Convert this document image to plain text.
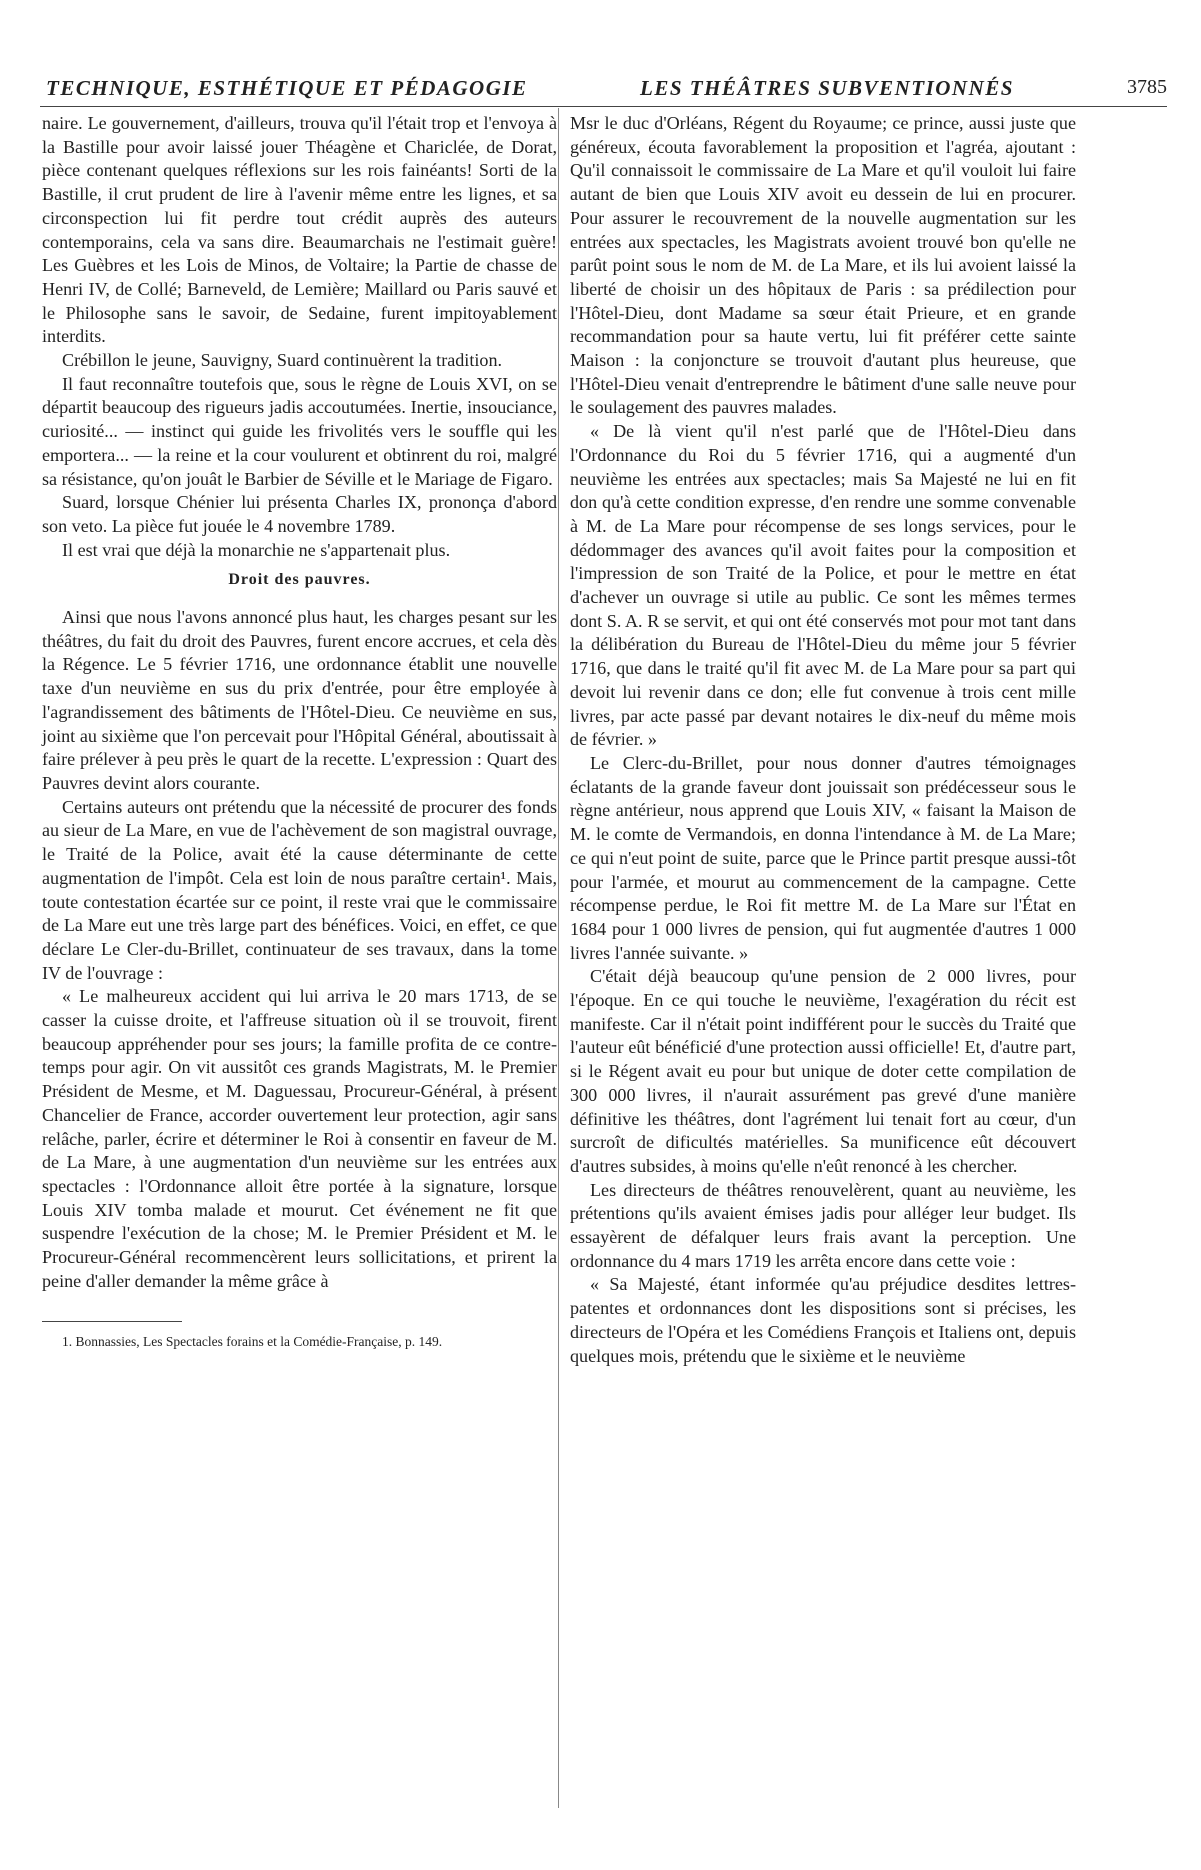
TECHNIQUE, ESTHÉTIQUE ET PÉDAGOGIE	LES THÉÂTRES SUBVENTIONNÉS	3785

naire. Le gouvernement, d'ailleurs, trouva qu'il l'était trop et l'envoya à la Bastille pour avoir laissé jouer Théagène et Chariclée, de Dorat, pièce contenant quelques réflexions sur les rois fainéants! Sorti de la Bastille, il crut prudent de lire à l'avenir même entre les lignes, et sa circonspection lui fit perdre tout crédit auprès des auteurs contemporains, cela va sans dire. Beaumarchais ne l'estimait guère! Les Guèbres et les Lois de Minos, de Voltaire; la Partie de chasse de Henri IV, de Collé; Barneveld, de Lemière; Maillard ou Paris sauvé et le Philosophe sans le savoir, de Sedaine, furent impitoyablement interdits.

Crébillon le jeune, Sauvigny, Suard continuèrent la tradition.

Il faut reconnaître toutefois que, sous le règne de Louis XVI, on se départit beaucoup des rigueurs jadis accoutumées. Inertie, insouciance, curiosité... — instinct qui guide les frivolités vers le souffle qui les emportera... — la reine et la cour voulurent et obtinrent du roi, malgré sa résistance, qu'on jouât le Barbier de Séville et le Mariage de Figaro.

Suard, lorsque Chénier lui présenta Charles IX, prononça d'abord son veto. La pièce fut jouée le 4 novembre 1789.

Il est vrai que déjà la monarchie ne s'appartenait plus.

Droit des pauvres.

Ainsi que nous l'avons annoncé plus haut, les charges pesant sur les théâtres, du fait du droit des Pauvres, furent encore accrues, et cela dès la Régence. Le 5 février 1716, une ordonnance établit une nouvelle taxe d'un neuvième en sus du prix d'entrée, pour être employée à l'agrandissement des bâtiments de l'Hôtel-Dieu. Ce neuvième en sus, joint au sixième que l'on percevait pour l'Hôpital Général, aboutissait à faire prélever à peu près le quart de la recette. L'expression : Quart des Pauvres devint alors courante.

Certains auteurs ont prétendu que la nécessité de procurer des fonds au sieur de La Mare, en vue de l'achèvement de son magistral ouvrage, le Traité de la Police, avait été la cause déterminante de cette augmentation de l'impôt. Cela est loin de nous paraître certain¹. Mais, toute contestation écartée sur ce point, il reste vrai que le commissaire de La Mare eut une très large part des bénéfices. Voici, en effet, ce que déclare Le Cler-du-Brillet, continuateur de ses travaux, dans la tome IV de l'ouvrage :

« Le malheureux accident qui lui arriva le 20 mars 1713, de se casser la cuisse droite, et l'affreuse situation où il se trouvoit, firent beaucoup appréhender pour ses jours; la famille profita de ce contre-temps pour agir. On vit aussitôt ces grands Magistrats, M. le Premier Président de Mesme, et M. Daguessau, Procureur-Général, à présent Chancelier de France, accorder ouvertement leur protection, agir sans relâche, parler, écrire et déterminer le Roi à consentir en faveur de M. de La Mare, à une augmentation d'un neuvième sur les entrées aux spectacles : l'Ordonnance alloit être portée à la signature, lorsque Louis XIV tomba malade et mourut. Cet événement ne fit que suspendre l'exécution de la chose; M. le Premier Président et M. le Procureur-Général recommencèrent leurs sollicitations, et prirent la peine d'aller demander la même grâce à

1. Bonnassies, Les Spectacles forains et la Comédie-Française, p. 149.

Msr le duc d'Orléans, Régent du Royaume; ce prince, aussi juste que généreux, écouta favorablement la proposition et l'agréa, ajoutant : Qu'il connaissoit le commissaire de La Mare et qu'il vouloit lui faire autant de bien que Louis XIV avoit eu dessein de lui en procurer. Pour assurer le recouvrement de la nouvelle augmentation sur les entrées aux spectacles, les Magistrats avoient trouvé bon qu'elle ne parût point sous le nom de M. de La Mare, et ils lui avoient laissé la liberté de choisir un des hôpitaux de Paris : sa prédilection pour l'Hôtel-Dieu, dont Madame sa sœur était Prieure, et en grande recommandation pour sa haute vertu, lui fit préférer cette sainte Maison : la conjoncture se trouvoit d'autant plus heureuse, que l'Hôtel-Dieu venait d'entreprendre le bâtiment d'une salle neuve pour le soulagement des pauvres malades.

« De là vient qu'il n'est parlé que de l'Hôtel-Dieu dans l'Ordonnance du Roi du 5 février 1716, qui a augmenté d'un neuvième les entrées aux spectacles; mais Sa Majesté ne lui en fit don qu'à cette condition expresse, d'en rendre une somme convenable à M. de La Mare pour récompense de ses longs services, pour le dédommager des avances qu'il avoit faites pour la composition et l'impression de son Traité de la Police, et pour le mettre en état d'achever un ouvrage si utile au public. Ce sont les mêmes termes dont S. A. R se servit, et qui ont été conservés mot pour mot tant dans la délibération du Bureau de l'Hôtel-Dieu du même jour 5 février 1716, que dans le traité qu'il fit avec M. de La Mare pour sa part qui devoit lui revenir dans ce don; elle fut convenue à trois cent mille livres, par acte passé par devant notaires le dix-neuf du même mois de février. »

Le Clerc-du-Brillet, pour nous donner d'autres témoignages éclatants de la grande faveur dont jouissait son prédécesseur sous le règne antérieur, nous apprend que Louis XIV, « faisant la Maison de M. le comte de Vermandois, en donna l'intendance à M. de La Mare; ce qui n'eut point de suite, parce que le Prince partit presque aussi-tôt pour l'armée, et mourut au commencement de la campagne. Cette récompense perdue, le Roi fit mettre M. de La Mare sur l'État en 1684 pour 1 000 livres de pension, qui fut augmentée d'autres 1 000 livres l'année suivante. »

C'était déjà beaucoup qu'une pension de 2 000 livres, pour l'époque. En ce qui touche le neuvième, l'exagération du récit est manifeste. Car il n'était point indifférent pour le succès du Traité que l'auteur eût bénéficié d'une protection aussi officielle! Et, d'autre part, si le Régent avait eu pour but unique de doter cette compilation de 300 000 livres, il n'aurait assurément pas grevé d'une manière définitive les théâtres, dont l'agrément lui tenait fort au cœur, d'un surcroît de dificultés matérielles. Sa munificence eût découvert d'autres subsides, à moins qu'elle n'eût renoncé à les chercher.

Les directeurs de théâtres renouvelèrent, quant au neuvième, les prétentions qu'ils avaient émises jadis pour alléger leur budget. Ils essayèrent de défalquer leurs frais avant la perception. Une ordonnance du 4 mars 1719 les arrêta encore dans cette voie :

« Sa Majesté, étant informée qu'au préjudice desdites lettres-patentes et ordonnances dont les dispositions sont si précises, les directeurs de l'Opéra et les Comédiens François et Italiens ont, depuis quelques mois, prétendu que le sixième et le neuvième
